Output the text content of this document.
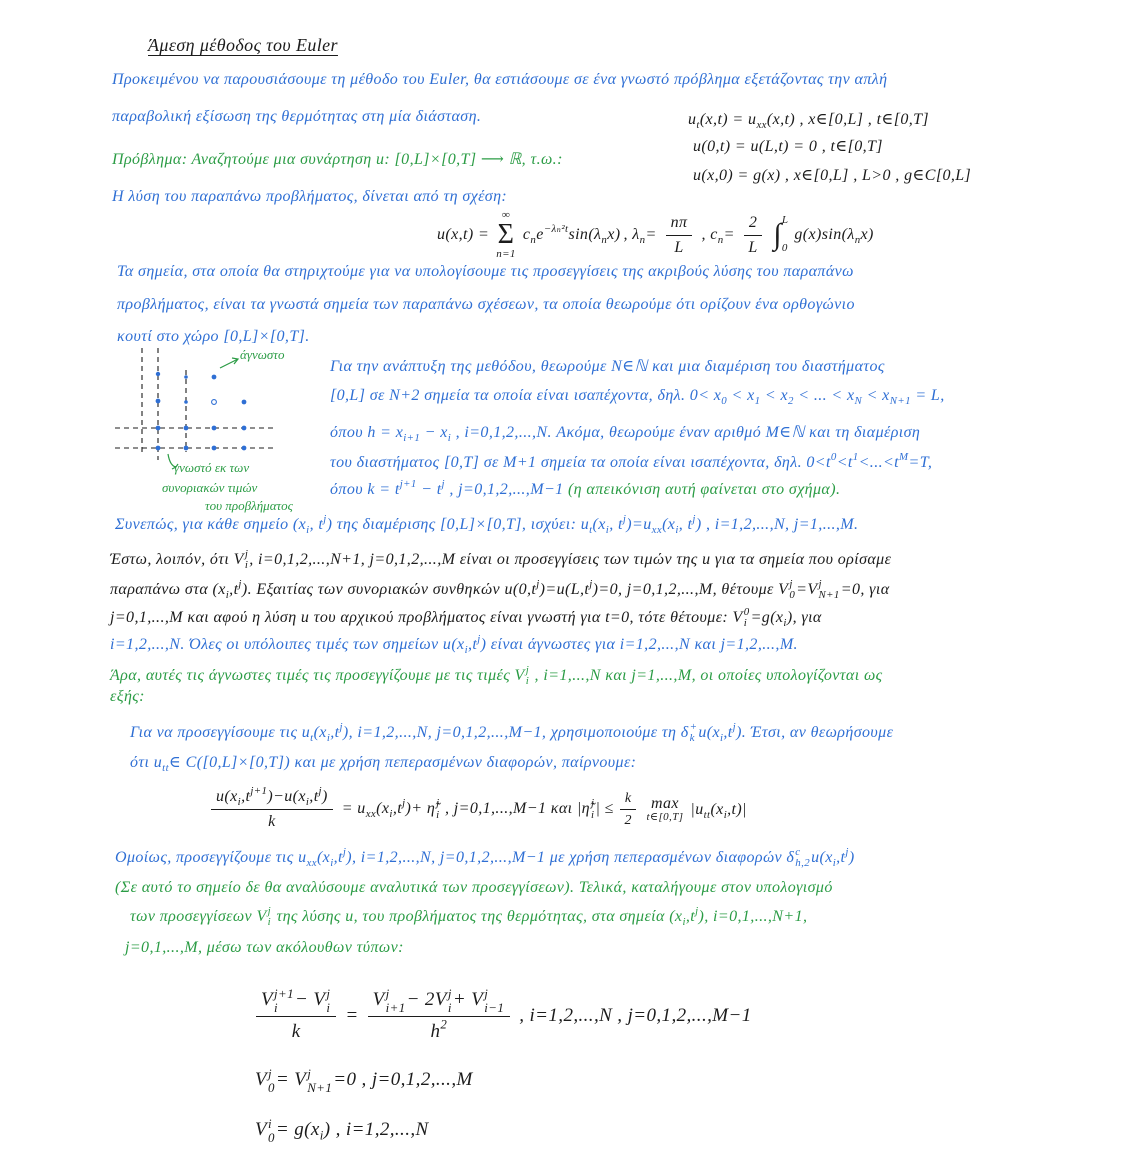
Άμεση μέθοδος του Euler
Προκειμένου να παρουσιάσουμε τη μέθοδο του Euler, θα εστιάσουμε σε ένα γνωστό πρόβλημα εξετάζοντας την απλή
παραβολική εξίσωση της θερμότητας στη μία διάσταση.	$u_t(x,t) = u_{xx}(x,t)$ , x∈[0,L] , t∈[0,T]
u(0,t) = u(L,t) = 0 , t∈[0,T]
u(x,0) = g(x) , x∈[0,L] , L>0 , g∈C[0,L]
Πρόβλημα: Αναζητούμε μια συνάρτηση u: [0,L]×[0,T] ⟶ ℝ, τ.ω.:
Η λύση του παραπάνω προβλήματος, δίνεται από τη σχέση:
u(x,t) =
∞
Σ
n=1
$c_ne^{-\lambda_n^2t}\sin(\lambda_nx)$ , $\lambda_n= \frac{n\pi}{L}$ , $c_n= \frac{2}{L}$ ∫ L
0
$g(x)\sin(\lambda_nx)$
Τα σημεία, στα οποία θα στηριχτούμε για να υπολογίσουμε τις προσεγγίσεις της ακριβούς λύσης του παραπάνω
προβλήματος, είναι τα γνωστά σημεία των παραπάνω σχέσεων, τα οποία θεωρούμε ότι ορίζουν ένα ορθογώνιο
κουτί στο χώρο [0,L]×[0,T].
άγνωστο
γνωστό εκ των
συνοριακών τιμών
του προβλήματος
Για την ανάπτυξη της μεθόδου, θεωρούμε N∈ℕ και μια διαμέριση του διαστήματος
[0,L] σε N+2 σημεία τα οποία είναι ισαπέχοντα, δηλ. $0< x_0 < x_1 < x_2$ < ... < $x_N < x_{N+1} = L$,
όπου $h = x_{i+1} - x_i$ , i=0,1,2,...,N. Ακόμα, θεωρούμε έναν αριθμό M∈ℕ και τη διαμέριση
του διαστήματος [0,T] σε M+1 σημεία τα οποία είναι ισαπέχοντα, δηλ. $0<t^0<t^1<...<t^M=T$,
όπου $k = t^{j+1} - t^j$ , j=0,1,2,...,M−1 (η απεικόνιση αυτή φαίνεται στο σχήμα).
Συνεπώς, για κάθε σημείο ($x_i$, $t^j$) της διαμέρισης [0,L]×[0,T], ισχύει: $u_t(x_i$, $t^j)=u_{xx}(x_i$, $t^j$) , i=1,2,...,N, j=1,...,M.
Έστω, λοιπόν, ότι V j
i , i=0,1,2,...,N+1, j=0,1,2,...,M είναι οι προσεγγίσεις των τιμών της u για τα σημεία που ορίσαμε
παραπάνω στα $(x_i,t^j)$. Εξαιτίας των συνοριακών συνθηκών $u(0,t^j)=u(L,t^j)=0$, j=0,1,2,...,M, θέτουμε V j
0 =V j
N+1 =0, για
j=0,1,...,M και αφού η λύση u του αρχικού προβλήματος είναι γνωστή για t=0, τότε θέτουμε: V 0
$i =g(x_i)$, για
i=1,2,...,N. Όλες οι υπόλοιπες τιμές των σημείων $u(x_i,t^j)$ είναι άγνωστες για i=1,2,...,N και j=1,2,...,M.
Άρα, αυτές τις άγνωστες τιμές τις προσεγγίζουμε με τις τιμές V j
i , i=1,...,N και j=1,...,M, οι οποίες υπολογίζονται ως
εξής:
Για να προσεγγίσουμε τις $u_t(x_i,t^j)$, i=1,2,...,N, j=0,1,2,...,M−1, χρησιμοποιούμε τη δ +
k $u(x_i,t^j)$. Έτσι, αν θεωρήσουμε
ότι $u_{tt}\in$ C([0,L]×[0,T]) και με χρήση πεπερασμένων διαφορών, παίρνουμε:
$\frac{u(x_i,t^{j+1})-u(x_i,t^j)}{k} = u_{xx}(x_i,t^j)+$ η̃ j
i , j=0,1,...,M−1 και |η̃ j
i | ≤ $\frac{k}{2}$ max
t∈[0,T] $|u_{tt}(x_i,t)|$
Ομοίως, προσεγγίζουμε τις $u_{xx}(x_i,t^j)$, i=1,2,...,N, j=0,1,2,...,M−1 με χρήση πεπερασμένων διαφορών δ c
h,2 $u(x_i,t^j)$
(Σε αυτό το σημείο δε θα αναλύσουμε αναλυτικά των προσεγγίσεων). Τελικά, καταλήγουμε στον υπολογισμό
των προσεγγίσεων V j
i της λύσης u, του προβλήματος της θερμότητας, στα σημεία $(x_i,t^j)$, i=0,1,...,N+1,
j=0,1,...,M, μέσω των ακόλουθων τύπων:
V j+1
i − V j
i
k = V j
i+1 − 2V j
i + V j
i−1
$h^2$ , i=1,2,...,N , j=0,1,2,...,M−1
V j
0 = V j
N+1 =0 , j=0,1,2,...,M
V i
$0 = g(x_i)$ , i=1,2,...,N
